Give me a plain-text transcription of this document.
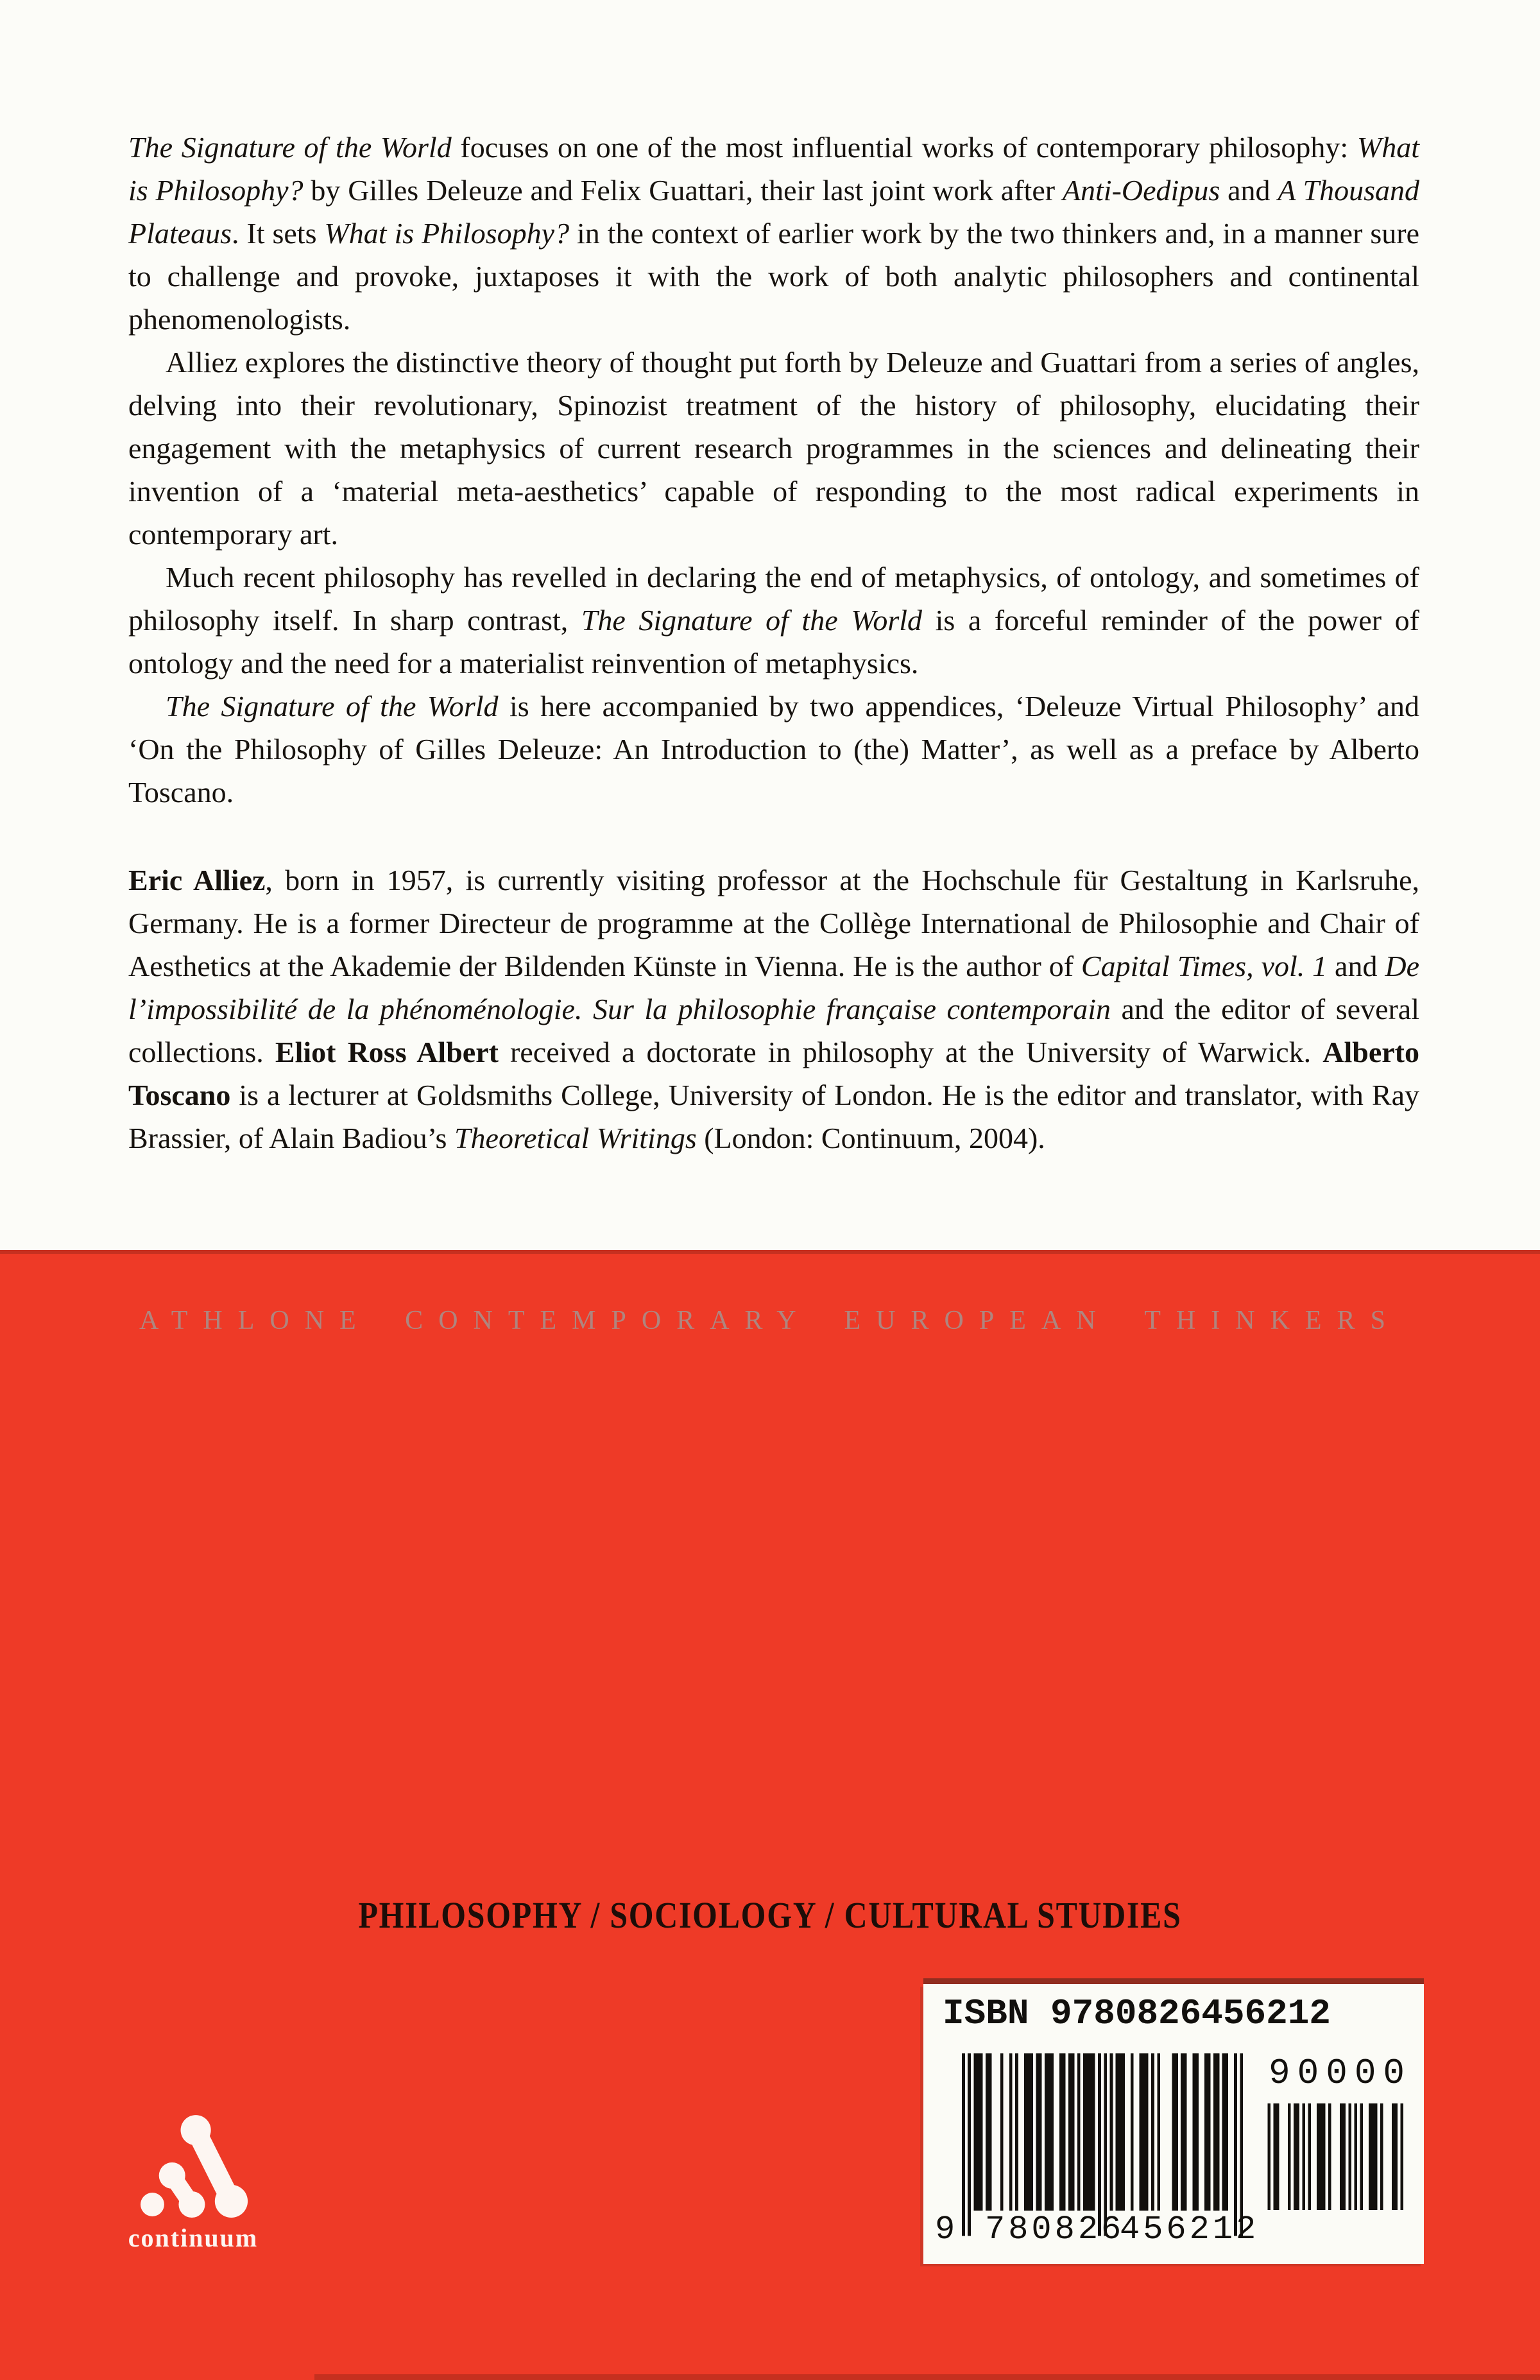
The Signature of the World focuses on one of the most influential works of contemporary philosophy: What is Philosophy? by Gilles Deleuze and Felix Guattari, their last joint work after Anti-Oedipus and A Thousand Plateaus. It sets What is Philosophy? in the context of earlier work by the two thinkers and, in a manner sure to challenge and provoke, juxtaposes it with the work of both analytic philosophers and continental phenomenologists.

Alliez explores the distinctive theory of thought put forth by Deleuze and Guattari from a series of angles, delving into their revolutionary, Spinozist treatment of the history of philosophy, elucidating their engagement with the metaphysics of current research programmes in the sciences and delineating their invention of a ‘material meta-aesthetics’ capable of responding to the most radical experiments in contemporary art.

Much recent philosophy has revelled in declaring the end of metaphysics, of ontology, and sometimes of philosophy itself. In sharp contrast, The Signature of the World is a forceful reminder of the power of ontology and the need for a materialist reinvention of metaphysics.

The Signature of the World is here accompanied by two appendices, ‘Deleuze Virtual Philosophy’ and ‘On the Philosophy of Gilles Deleuze: An Introduction to (the) Matter’, as well as a preface by Alberto Toscano.

Eric Alliez, born in 1957, is currently visiting professor at the Hochschule für Gestaltung in Karlsruhe, Germany. He is a former Directeur de programme at the Collège International de Philosophie and Chair of Aesthetics at the Akademie der Bildenden Künste in Vienna. He is the author of Capital Times, vol. 1 and De l’impossibilité de la phénoménologie. Sur la philosophie française contemporain and the editor of several collections. Eliot Ross Albert received a doctorate in philosophy at the University of Warwick. Alberto Toscano is a lecturer at Goldsmiths College, University of London. He is the editor and translator, with Ray Brassier, of Alain Badiou’s Theoretical Writings (London: Continuum, 2004).

ATHLONE CONTEMPORARY EUROPEAN THINKERS
PHILOSOPHY / SOCIOLOGY / CULTURAL STUDIES
ISBN 9780826456212
9 780826
456212
90000
continuum
